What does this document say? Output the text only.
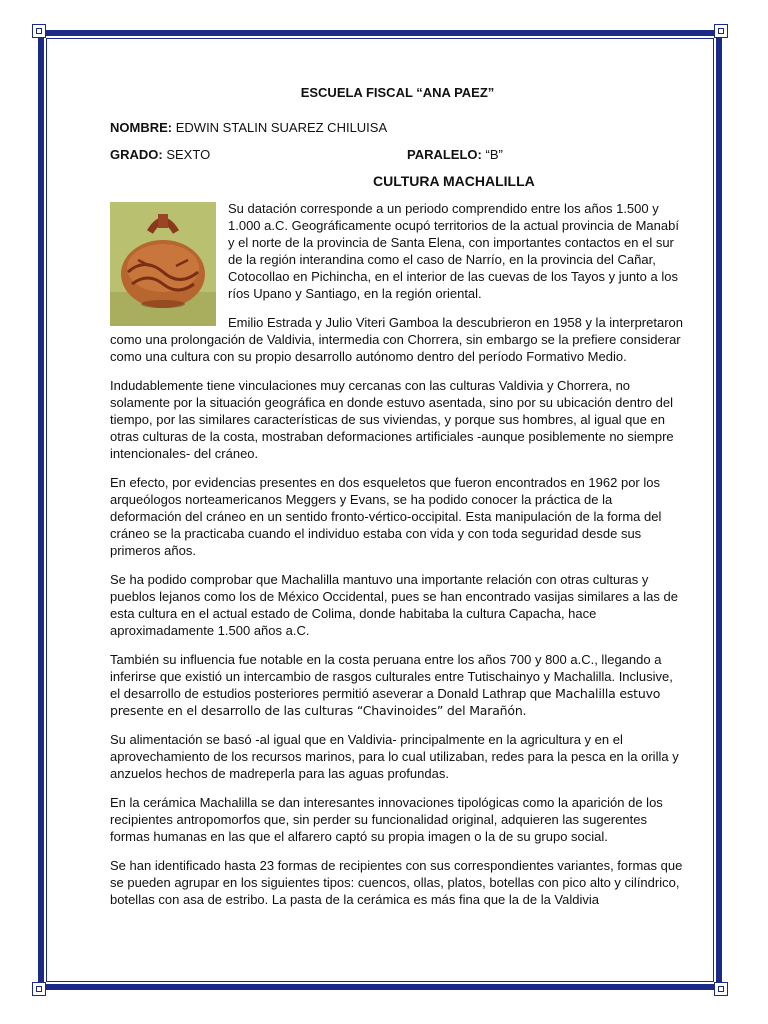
ESCUELA FISCAL “ANA PAEZ”
NOMBRE: EDWIN STALIN SUAREZ CHILUISA
GRADO: SEXTO	PARALELO: “B”
CULTURA MACHALILLA

Su datación corresponde a un periodo comprendido entre los años 1.500 y 1.000 a.C. Geográficamente ocupó territorios de la actual provincia de Manabí y el norte de la provincia de Santa Elena, con importantes contactos en el sur de la región interandina como el caso de Narrío, en la provincia del Cañar, Cotocollao en Pichincha, en el interior de las cuevas de los Tayos y junto a los ríos Upano y Santiago, en la región oriental.

Emilio Estrada y Julio Viteri Gamboa la descubrieron en 1958 y la interpretaron como una prolongación de Valdivia, intermedia con Chorrera, sin embargo se la prefiere considerar como una cultura con su propio desarrollo autónomo dentro del período Formativo Medio.

Indudablemente tiene vinculaciones muy cercanas con las culturas Valdivia y Chorrera, no solamente por la situación geográfica en donde estuvo asentada, sino por su ubicación dentro del tiempo, por las similares características de sus viviendas, y porque sus hombres, al igual que en otras culturas de la costa, mostraban deformaciones artificiales -aunque posiblemente no siempre intencionales- del cráneo.

En efecto, por evidencias presentes en dos esqueletos que fueron encontrados en 1962 por los arqueólogos norteamericanos Meggers y Evans, se ha podido conocer la práctica de la deformación del cráneo en un sentido fronto-vértico-occipital. Esta manipulación de la forma del cráneo se la practicaba cuando el individuo estaba con vida y con toda seguridad desde sus primeros años.

Se ha podido comprobar que Machalilla mantuvo una importante relación con otras culturas y pueblos lejanos como los de México Occidental, pues se han encontrado vasijas similares a las de esta cultura en el actual estado de Colima, donde habitaba la cultura Capacha, hace aproximadamente 1.500 años a.C.

También su influencia fue notable en la costa peruana entre los años 700 y 800 a.C., llegando a inferirse que existió un intercambio de rasgos culturales entre Tutischainyo y Machalilla. Inclusive, el desarrollo de estudios posteriores permitió aseverar a Donald Lathrap que Machalilla estuvo presente en el desarrollo de las culturas “Chavinoides” del Marañón.

Su alimentación se basó -al igual que en Valdivia- principalmente en la agricultura y en el aprovechamiento de los recursos marinos, para lo cual utilizaban, redes para la pesca en la orilla y anzuelos hechos de madreperla para las aguas profundas.

En la cerámica Machalilla se dan interesantes innovaciones tipológicas como la aparición de los recipientes antropomorfos que, sin perder su funcionalidad original, adquieren las sugerentes formas humanas en las que el alfarero captó su propia imagen o la de su grupo social.

Se han identificado hasta 23 formas de recipientes con sus correspondientes variantes, formas que se pueden agrupar en los siguientes tipos: cuencos, ollas, platos, botellas con pico alto y cilíndrico, botellas con asa de estribo. La pasta de la cerámica es más fina que la de la Valdivia
